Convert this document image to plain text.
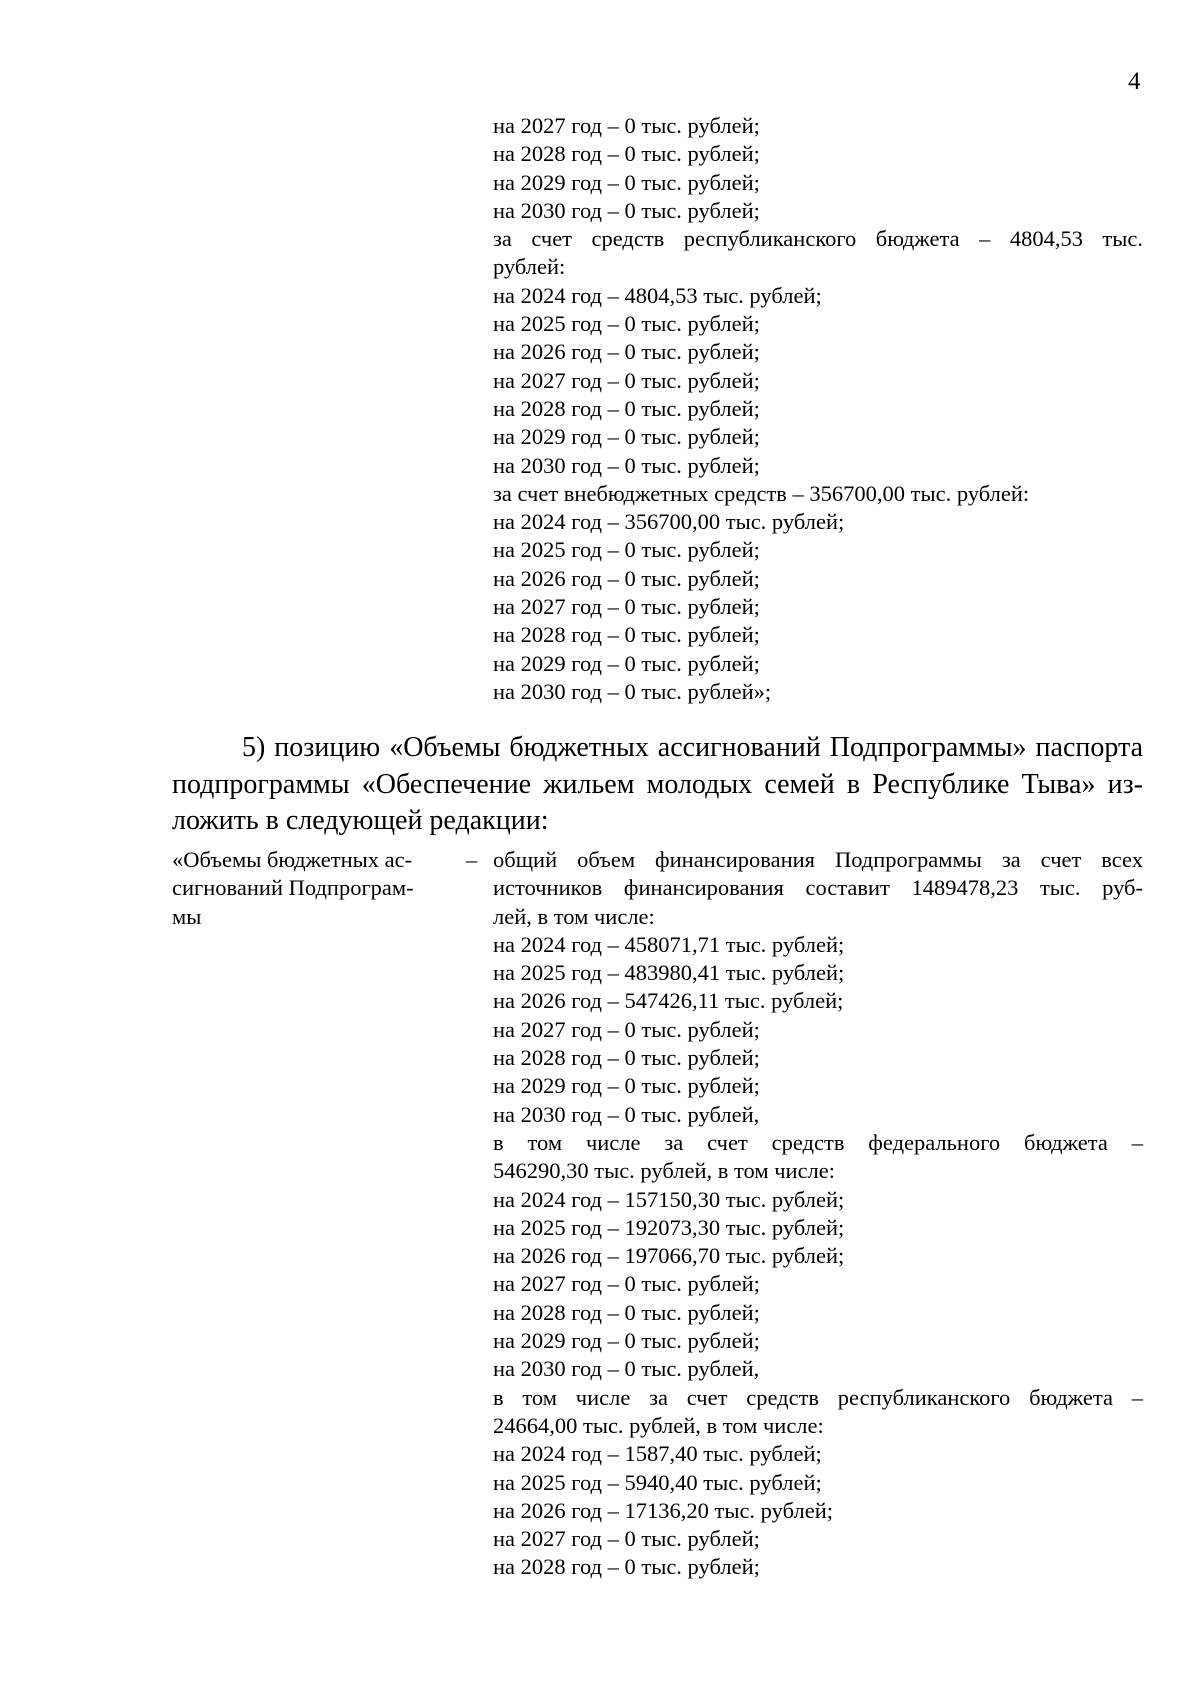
4
на 2027 год – 0 тыс. рублей;
на 2028 год – 0 тыс. рублей;
на 2029 год – 0 тыс. рублей;
на 2030 год – 0 тыс. рублей;
за счет средств республиканского бюджета – 4804,53 тыс.
рублей:
на 2024 год – 4804,53 тыс. рублей;
на 2025 год – 0 тыс. рублей;
на 2026 год – 0 тыс. рублей;
на 2027 год – 0 тыс. рублей;
на 2028 год – 0 тыс. рублей;
на 2029 год – 0 тыс. рублей;
на 2030 год – 0 тыс. рублей;
за счет внебюджетных средств – 356700,00 тыс. рублей:
на 2024 год – 356700,00 тыс. рублей;
на 2025 год – 0 тыс. рублей;
на 2026 год – 0 тыс. рублей;
на 2027 год – 0 тыс. рублей;
на 2028 год – 0 тыс. рублей;
на 2029 год – 0 тыс. рублей;
на 2030 год – 0 тыс. рублей»;
5) позицию «Объемы бюджетных ассигнований Подпрограммы» паспорта
подпрограммы «Обеспечение жильем молодых семей в Республике Тыва» из-
ложить в следующей редакции:
«Объемы бюджетных ас-
сигнований Подпрограм-
мы
– общий объем финансирования Подпрограммы за счет всех
источников финансирования составит 1489478,23 тыс. руб-
лей, в том числе:
на 2024 год – 458071,71 тыс. рублей;
на 2025 год – 483980,41 тыс. рублей;
на 2026 год – 547426,11 тыс. рублей;
на 2027 год – 0 тыс. рублей;
на 2028 год – 0 тыс. рублей;
на 2029 год – 0 тыс. рублей;
на 2030 год – 0 тыс. рублей,
в том числе за счет средств федерального бюджета –
546290,30 тыс. рублей, в том числе:
на 2024 год – 157150,30 тыс. рублей;
на 2025 год – 192073,30 тыс. рублей;
на 2026 год – 197066,70 тыс. рублей;
на 2027 год – 0 тыс. рублей;
на 2028 год – 0 тыс. рублей;
на 2029 год – 0 тыс. рублей;
на 2030 год – 0 тыс. рублей,
в том числе за счет средств республиканского бюджета –
24664,00 тыс. рублей, в том числе:
на 2024 год – 1587,40 тыс. рублей;
на 2025 год – 5940,40 тыс. рублей;
на 2026 год – 17136,20 тыс. рублей;
на 2027 год – 0 тыс. рублей;
на 2028 год – 0 тыс. рублей;
